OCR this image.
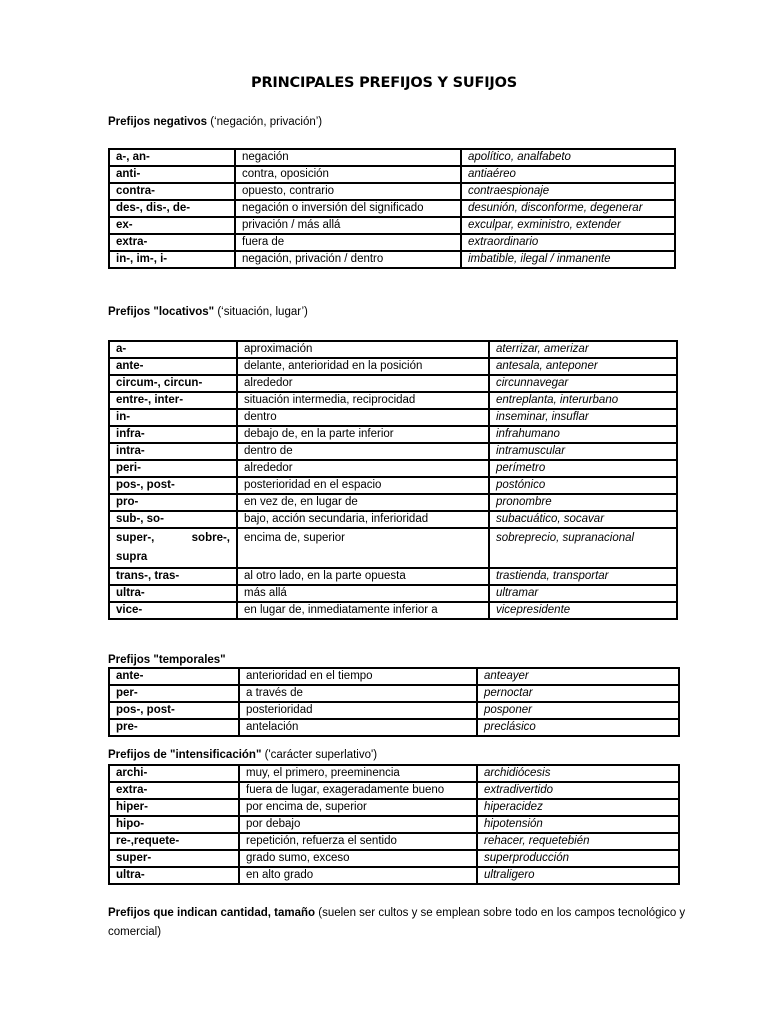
PRINCIPALES PREFIJOS Y SUFIJOS
Prefijos negativos (‘negación, privación’)
a-, an-	negación	apolítico, analfabeto
anti-	contra, oposición	antiaéreo
contra-	opuesto, contrario	contraespionaje
des-, dis-, de-	negación o inversión del significado	desunión, disconforme, degenerar
ex-	privación / más allá	exculpar, exministro, extender
extra-	fuera de	extraordinario
in-, im-, i-	negación, privación / dentro	imbatible, ilegal / inmanente
Prefijos "locativos" (‘situación, lugar’)
a-	aproximación	aterrizar, amerizar
ante-	delante, anterioridad en la posición	antesala, anteponer
circum-, circun-	alrededor	circunnavegar
entre-, inter-	situación intermedia, reciprocidad	entreplanta, interurbano
in-	dentro	inseminar, insuflar
infra-	debajo de, en la parte inferior	infrahumano
intra-	dentro de	intramuscular
peri-	alrededor	perímetro
pos-, post-	posterioridad en el espacio	postónico
pro-	en vez de, en lugar de	pronombre
sub-, so-	bajo, acción secundaria, inferioridad	subacuático, socavar

super-, sobre-,
supra	encima de, superior	sobreprecio, supranacional
trans-, tras-	al otro lado, en la parte opuesta	trastienda, transportar
ultra-	más allá	ultramar
vice-	en lugar de, inmediatamente inferior a	vicepresidente
Prefijos "temporales"
ante-	anterioridad en el tiempo	anteayer
per-	a través de	pernoctar
pos-, post-	posterioridad	posponer
pre-	antelación	preclásico
Prefijos de "intensificación" ('carácter superlativo')
archi-	muy, el primero, preeminencia	archidiócesis
extra-	fuera de lugar, exageradamente bueno	extradivertido
hiper-	por encima de, superior	hiperacidez
hipo-	por debajo	hipotensión
re-,requete-	repetición, refuerza el sentido	rehacer, requetebién
super-	grado sumo, exceso	superproducción
ultra-	en alto grado	ultraligero
Prefijos que indican cantidad, tamaño (suelen ser cultos y se emplean sobre todo en los campos tecnológico y comercial)
